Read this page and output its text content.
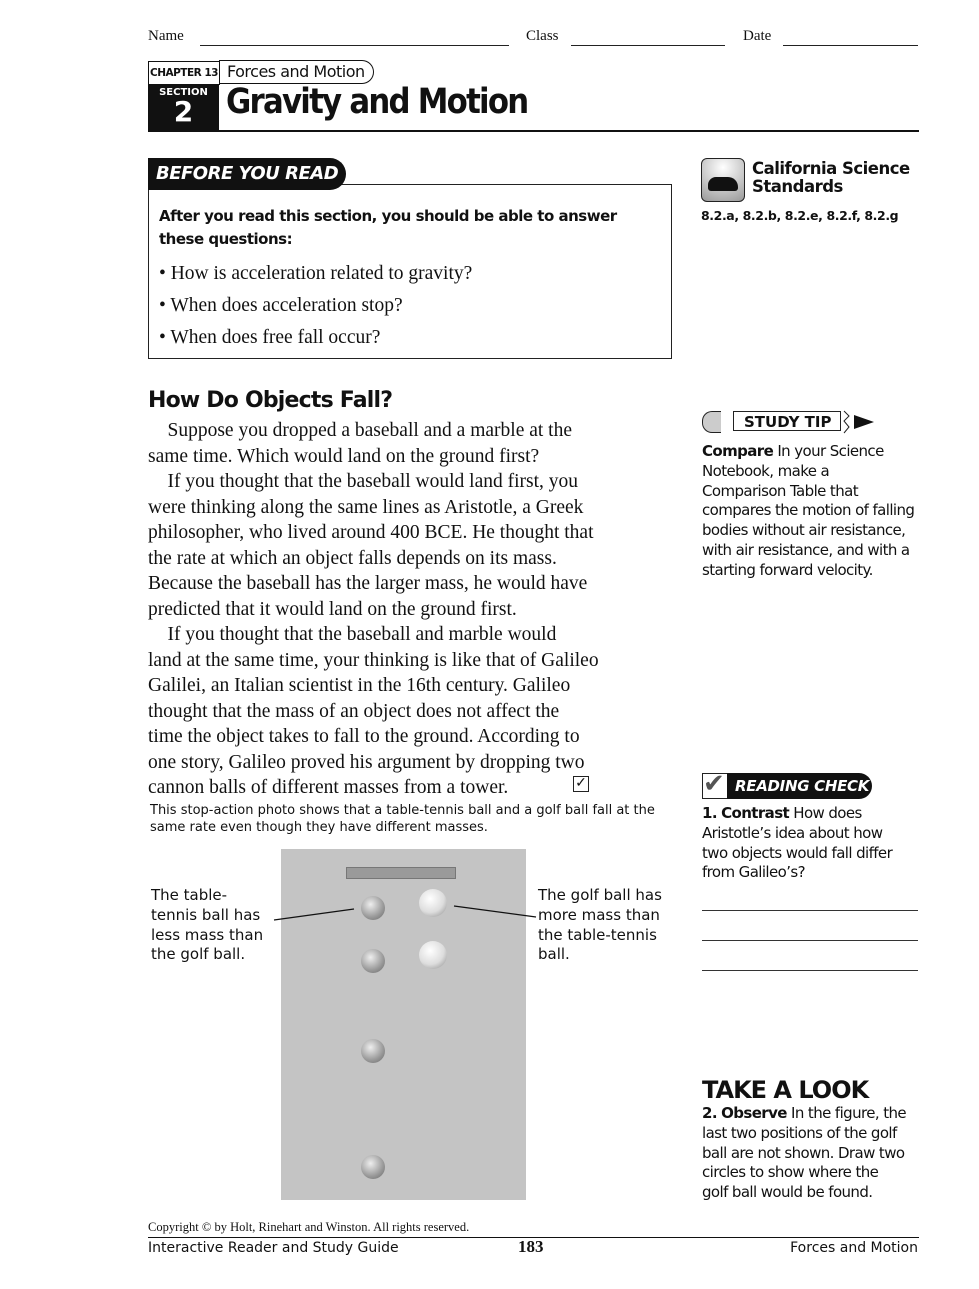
Name	Class	Date
CHAPTER 13 Forces and Motion
SECTION
2 Gravity and Motion
BEFORE YOU READ
After you read this section, you should be able to answer
these questions:
• How is acceleration related to gravity?
• When does acceleration stop?
• When does free fall occur?
California Science
Standards
8.2.a, 8.2.b, 8.2.e, 8.2.f, 8.2.g
How Do Objects Fall?
Suppose you dropped a baseball and a marble at the
same time. Which would land on the ground first?
If you thought that the baseball would land first, you
were thinking along the same lines as Aristotle, a Greek
philosopher, who lived around 400 BCE. He thought that
the rate at which an object falls depends on its mass.
Because the baseball has the larger mass, he would have
predicted that it would land on the ground first.
If you thought that the baseball and marble would
land at the same time, your thinking is like that of Galileo
Galilei, an Italian scientist in the 16th century. Galileo
thought that the mass of an object does not affect the
time the object takes to fall to the ground. According to
one story, Galileo proved his argument by dropping two
cannon balls of different masses from a tower.	✓
This stop-action photo shows that a table-tennis ball and a golf ball fall at the
same rate even though they have different masses.
The table-
tennis ball has
less mass than
the golf ball.
The golf ball has
more mass than
the table-tennis
ball.
STUDY TIP
Compare In your Science
Notebook, make a
Comparison Table that
compares the motion of falling
bodies without air resistance,
with air resistance, and with a
starting forward velocity.
✔ READING CHECK
1. Contrast How does
Aristotle’s idea about how
two objects would fall differ
from Galileo’s?
TAKE A LOOK
2. Observe In the figure, the
last two positions of the golf
ball are not shown. Draw two
circles to show where the
golf ball would be found.
Copyright © by Holt, Rinehart and Winston. All rights reserved.
Interactive Reader and Study Guide	183	Forces and Motion
